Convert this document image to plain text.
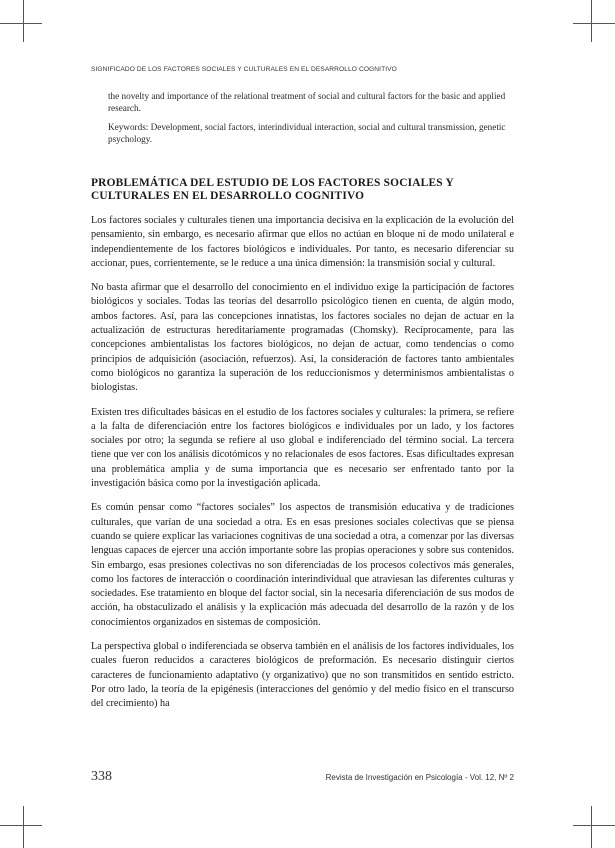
SIGNIFICADO DE LOS FACTORES SOCIALES Y CULTURALES EN EL DESARROLLO COGNITIVO

the novelty and importance of the relational treatment of social and cultural factors for the basic and applied research.

Keywords: Development, social factors, interindividual interaction, social and cultural transmission, genetic psychology.

PROBLEMÁTICA DEL ESTUDIO DE LOS FACTORES SOCIALES Y CULTURALES EN EL DESARROLLO COGNITIVO

Los factores sociales y culturales tienen una importancia decisiva en la explicación de la evolución del pensamiento, sin embargo, es necesario afirmar que ellos no actúan en bloque ni de modo unilateral e independientemente de los factores biológicos e individuales. Por tanto, es necesario diferenciar su accionar, pues, corrientemente, se le reduce a una única dimensión: la transmisión social y cultural.

No basta afirmar que el desarrollo del conocimiento en el individuo exige la participación de factores biológicos y sociales. Todas las teorías del desarrollo psicológico tienen en cuenta, de algún modo, ambos factores. Así, para las concepciones innatistas, los factores sociales no dejan de actuar en la actualización de estructuras hereditariamente programadas (Chomsky). Recíprocamente, para las concepciones ambientalistas los factores biológicos, no dejan de actuar, como tendencias o como principios de adquisición (asociación, refuerzos). Así, la consideración de factores tanto ambientales como biológicos no garantiza la superación de los reduccionismos y determinismos ambientalistas o biologistas.

Existen tres dificultades básicas en el estudio de los factores sociales y culturales: la primera, se refiere a la falta de diferenciación entre los factores biológicos e individuales por un lado, y los factores sociales por otro; la segunda se refiere al uso global e indiferenciado del término social. La tercera tiene que ver con los análisis dicotómicos y no relacionales de esos factores. Esas dificultades expresan una problemática amplia y de suma importancia que es necesario ser enfrentado tanto por la investigación básica como por la investigación aplicada.

Es común pensar como “factores sociales” los aspectos de transmisión educativa y de tradiciones culturales, que varían de una sociedad a otra. Es en esas presiones sociales colectivas que se piensa cuando se quiere explicar las variaciones cognitivas de una sociedad a otra, a comenzar por las diversas lenguas capaces de ejercer una acción importante sobre las propias operaciones y sobre sus contenidos. Sin embargo, esas presiones colectivas no son diferenciadas de los procesos colectivos más generales, como los factores de interacción o coordinación interindividual que atraviesan las diferentes culturas y sociedades. Ese tratamiento en bloque del factor social, sin la necesaria diferenciación de sus modos de acción, ha obstaculizado el análisis y la explicación más adecuada del desarrollo de la razón y de los conocimientos organizados en sistemas de composición.

La perspectiva global o indiferenciada se observa también en el análisis de los factores individuales, los cuales fueron reducidos a caracteres biológicos de preformación. Es necesario distinguir ciertos caracteres de funcionamiento adaptativo (y organizativo) que no son transmitidos en sentido estricto. Por otro lado, la teoría de la epigénesis (interacciones del genómio y del medio físico en el transcurso del crecimiento) ha

338	Revista de Investigación en Psicología - Vol. 12, Nº 2
